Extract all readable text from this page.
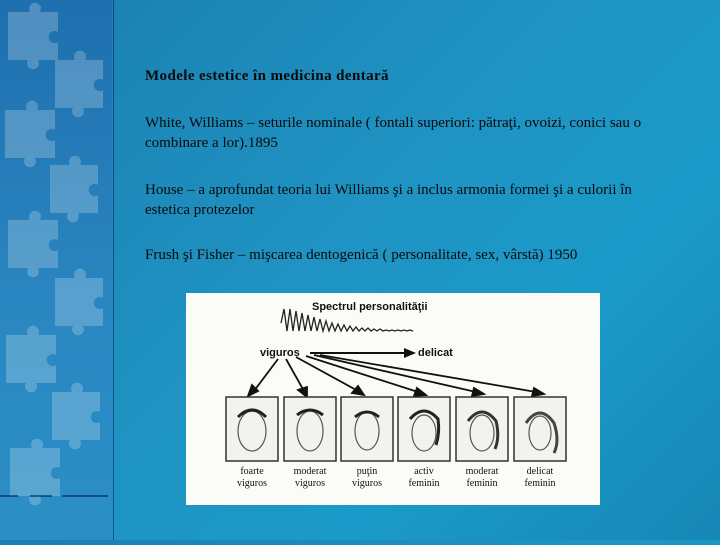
Modele estetice în medicina dentară

White, Williams – seturile nominale ( fontali superiori: pătraţi, ovoizi, conici sau o combinare a lor).1895

House – a aprofundat teoria lui Williams şi a inclus armonia formei şi a culorii în estetica protezelor

Frush şi Fisher – mişcarea dentogenică ( personalitate, sex, vârstă) 1950

Spectrul personalităţii
viguros	delicat
foarte
viguros
moderat
viguros
puţin
viguros
activ
feminin
moderat
feminin
delicat
feminin
